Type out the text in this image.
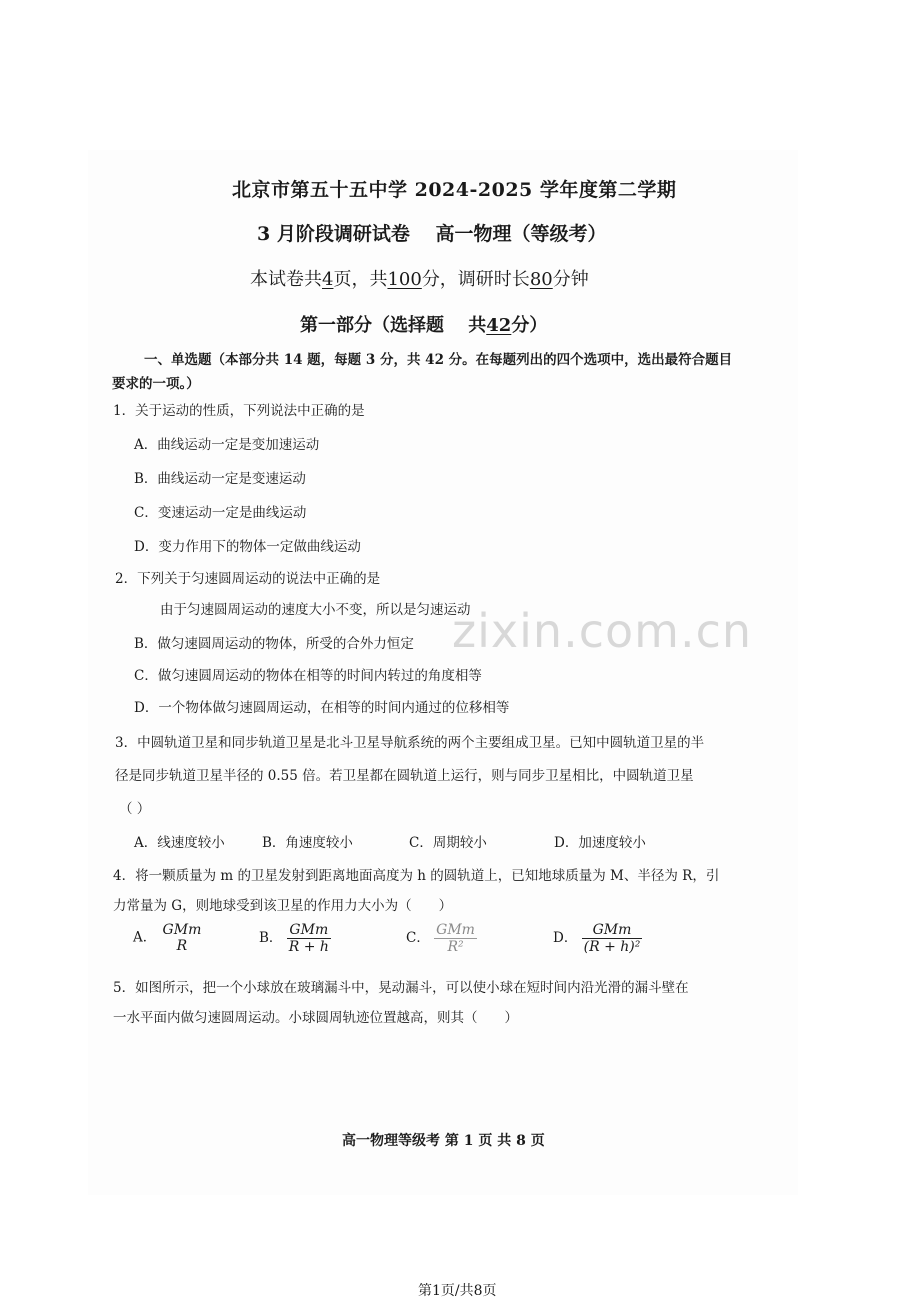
北京市第五十五中学 2024-2025 学年度第二学期
3 月阶段调研试卷　 高一物理（等级考）
本试卷共4页，共100分，调研时长80分钟
第一部分（选择题　 共42分）
一、单选题（本部分共 14 题，每题 3 分，共 42 分。在每题列出的四个选项中，选出最符合题目
要求的一项。）
1．关于运动的性质，下列说法中正确的是
A．曲线运动一定是变加速运动
B．曲线运动一定是变速运动
C．变速运动一定是曲线运动
D．变力作用下的物体一定做曲线运动
2．下列关于匀速圆周运动的说法中正确的是
由于匀速圆周运动的速度大小不变，所以是匀速运动
B．做匀速圆周运动的物体，所受的合外力恒定
C．做匀速圆周运动的物体在相等的时间内转过的角度相等
D．一个物体做匀速圆周运动，在相等的时间内通过的位移相等
3．中圆轨道卫星和同步轨道卫星是北斗卫星导航系统的两个主要组成卫星。已知中圆轨道卫星的半
径是同步轨道卫星半径的 0.55 倍。若卫星都在圆轨道上运行，则与同步卫星相比，中圆轨道卫星
（ ）
A．线速度较小	B．角速度较小	C．周期较小	D．加速度较小
4．将一颗质量为 m 的卫星发射到距离地面高度为 h 的圆轨道上，已知地球质量为 M、半径为 R，引
力常量为 G，则地球受到该卫星的作用力大小为（　　）
A． GMm
R	B． $\frac{\text{GMm}}{R + h}$	C． $\frac{\text{GMm}}{\text{R²}}$	D． $\frac{\text{GMm}}{\text{(R + h)²}}$
5．如图所示，把一个小球放在玻璃漏斗中，晃动漏斗，可以使小球在短时间内沿光滑的漏斗壁在
一水平面内做匀速圆周运动。小球圆周轨迹位置越高，则其（　　）
zixin.com.cn
高一物理等级考 第 1 页 共 8 页
第1页/共8页
